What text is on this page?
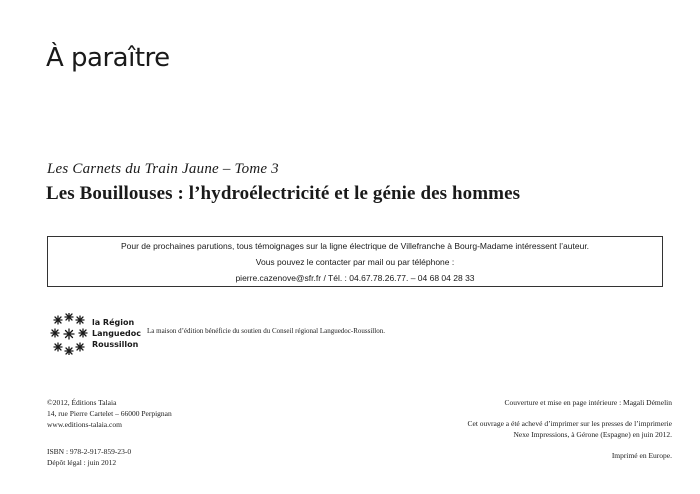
À paraître
Les Carnets du Train Jaune – Tome 3
Les Bouillouses : l’hydroélectricité et le génie des hommes
Pour de prochaines parutions, tous témoignages sur la ligne électrique de Villefranche à Bourg-Madame intéressent l’auteur.
Vous pouvez le contacter par mail ou par téléphone :
pierre.cazenove@sfr.fr / Tél. : 04.67.78.26.77. – 04 68 04 28 33
la Région
Languedoc
Roussillon
La maison d’édition bénéficie du soutien du Conseil régional Languedoc-Roussillon.
©2012, Éditions Talaia
14, rue Pierre Cartelet – 66000 Perpignan
www.editions-talaia.com
ISBN : 978-2-917-859-23-0
Dépôt légal : juin 2012
Couverture et mise en page intérieure : Magali Démelin
Cet ouvrage a été achevé d’imprimer sur les presses de l’imprimerie
Nexe Impressions, à Gérone (Espagne) en juin 2012.
Imprimé en Europe.
